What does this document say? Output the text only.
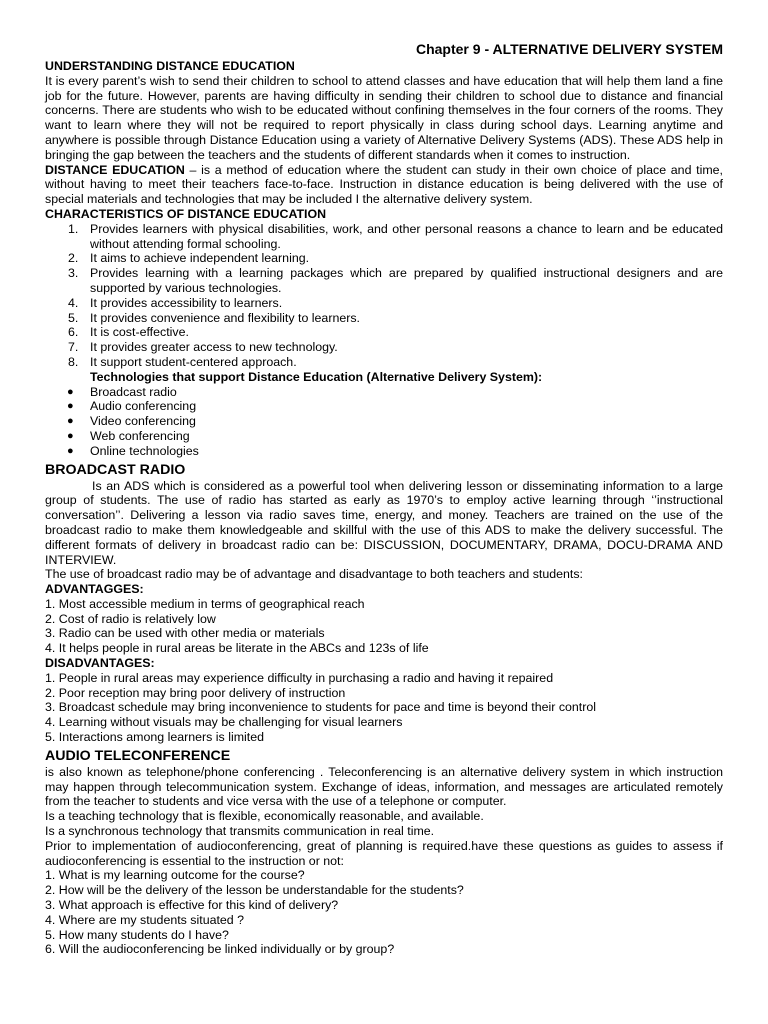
Chapter 9 - ALTERNATIVE DELIVERY SYSTEM
UNDERSTANDING DISTANCE EDUCATION

It is every parent’s wish to send their children to school to attend classes and have education that will help them land a fine job for the future. However, parents are having difficulty in sending their children to school due to distance and financial concerns. There are students who wish to be educated without confining themselves in the four corners of the rooms. They want to learn where they will not be required to report physically in class during school days. Learning anytime and anywhere is possible through Distance Education using a variety of Alternative Delivery Systems (ADS). These ADS help in bringing the gap between the teachers and the students of different standards when it comes to instruction.

DISTANCE EDUCATION – is a method of education where the student can study in their own choice of place and time, without having to meet their teachers face-to-face. Instruction in distance education is being delivered with the use of special materials and technologies that may be included I the alternative delivery system.

CHARACTERISTICS OF DISTANCE EDUCATION
1. Provides learners with physical disabilities, work, and other personal reasons a chance to learn and be educated without attending formal schooling.
2. It aims to achieve independent learning.
3. Provides learning with a learning packages which are prepared by qualified instructional designers and are supported by various technologies.
4. It provides accessibility to learners.
5. It provides convenience and flexibility to learners.
6. It is cost-effective.
7. It provides greater access to new technology.
8. It support student-centered approach.
Technologies that support Distance Education (Alternative Delivery System):
● Broadcast radio
● Audio conferencing
● Video conferencing
● Web conferencing
● Online technologies
BROADCAST RADIO

Is an ADS which is considered as a powerful tool when delivering lesson or disseminating information to a large group of students. The use of radio has started as early as 1970’s to employ active learning through ‘’instructional conversation’’. Delivering a lesson via radio saves time, energy, and money. Teachers are trained on the use of the broadcast radio to make them knowledgeable and skillful with the use of this ADS to make the delivery successful. The different formats of delivery in broadcast radio can be: DISCUSSION, DOCUMENTARY, DRAMA, DOCU-DRAMA AND INTERVIEW.

The use of broadcast radio may be of advantage and disadvantage to both teachers and students:
ADVANTAGGES:
1. Most accessible medium in terms of geographical reach
2. Cost of radio is relatively low
3. Radio can be used with other media or materials
4. It helps people in rural areas be literate in the ABCs and 123s of life
DISADVANTAGES:
1. People in rural areas may experience difficulty in purchasing a radio and having it repaired
2. Poor reception may bring poor delivery of instruction
3. Broadcast schedule may bring inconvenience to students for pace and time is beyond their control
4. Learning without visuals may be challenging for visual learners
5. Interactions among learners is limited
AUDIO TELECONFERENCE

is also known as telephone/phone conferencing . Teleconferencing is an alternative delivery system in which instruction may happen through telecommunication system. Exchange of ideas, information, and messages are articulated remotely from the teacher to students and vice versa with the use of a telephone or computer.

Is a teaching technology that is flexible, economically reasonable, and available.
Is a synchronous technology that transmits communication in real time.

Prior to implementation of audioconferencing, great of planning is required.have these questions as guides to assess if audioconferencing is essential to the instruction or not:

1. What is my learning outcome for the course?
2. How will be the delivery of the lesson be understandable for the students?
3. What approach is effective for this kind of delivery?
4. Where are my students situated ?
5. How many students do I have?
6. Will the audioconferencing be linked individually or by group?
